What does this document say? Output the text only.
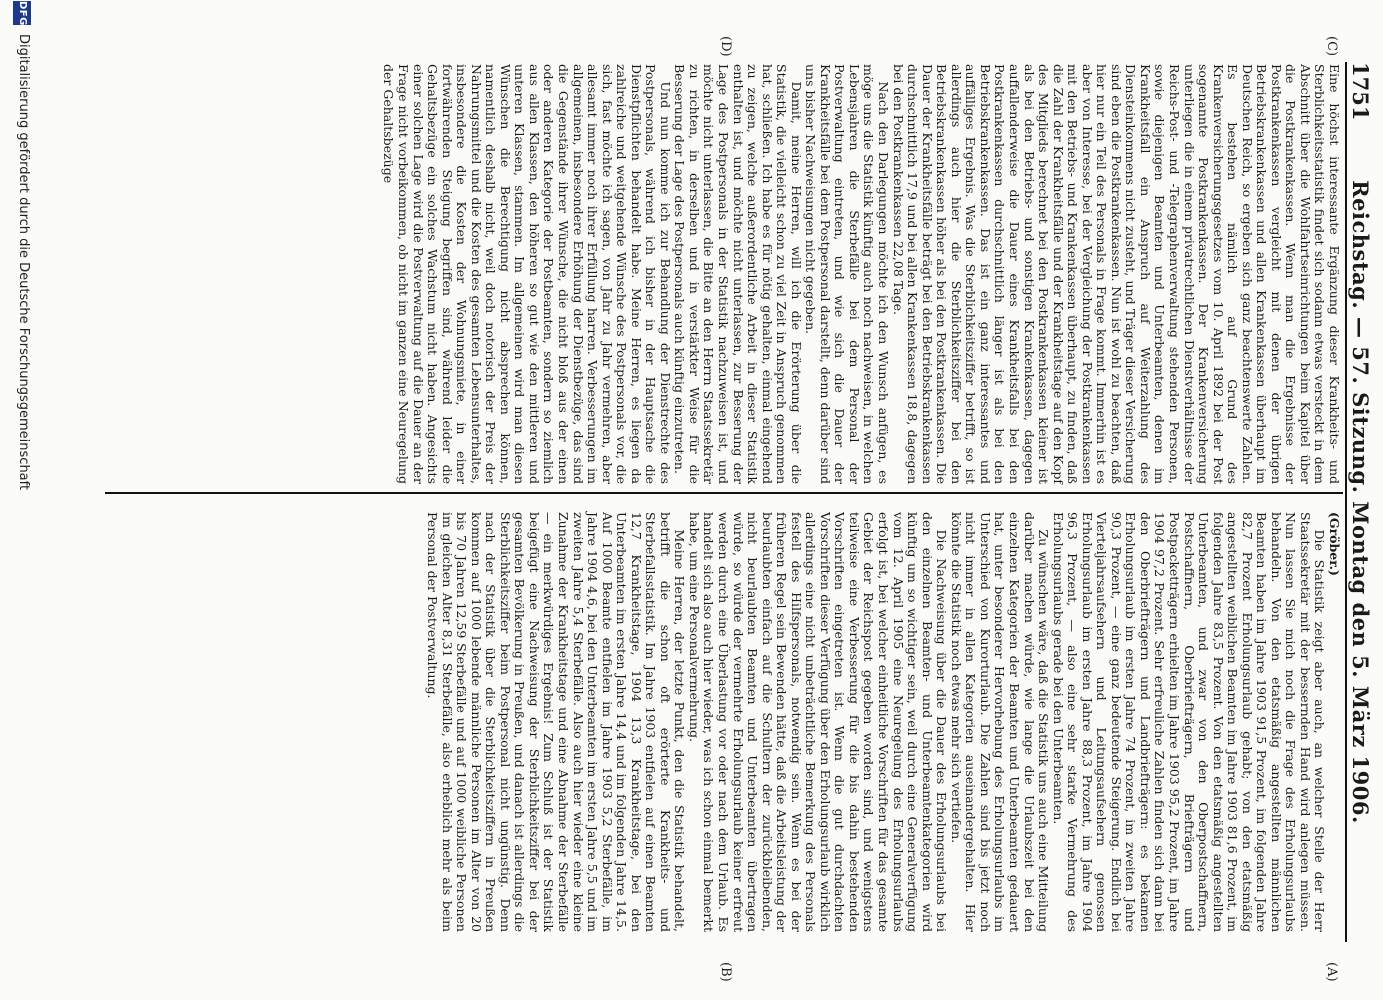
1751
Reichstag. — 57. Sitzung. Montag den 5. März 1906.
(C)
(D)
(A)
(B)

Eine höchst interessante Ergänzung dieser Krankheits- und Sterblichkeitsstatistik findet sich sodann etwas versteckt in dem Abschnitt über die Wohlfahrtseinrichtungen beim Kapitel über die Postkrankenkassen. Wenn man die Ergebnisse der Postkrankenkassen vergleicht mit denen der übrigen Betriebskrankenkassen und allen Krankenkassen überhaupt im Deutschen Reich, so ergeben sich ganz beachtenswerte Zahlen. Es bestehen nämlich auf Grund des Krankenversicherungsgesetzes vom 10. April 1892 bei der Post sogenannte Postkrankenkassen. Der Krankenversicherung unterliegen die in einem privatrechtlichen Dienstverhältnisse der Reichs-Post- und -Telegraphenverwaltung stehenden Personen, sowie diejenigen Beamten und Unterbeamten, denen im Krankheitsfall ein Anspruch auf Weiterzahlung des Diensteinkommens nicht zusteht, und Träger dieser Versicherung sind eben die Postkrankenkassen. Nun ist wohl zu beachten, daß hier nur ein Teil des Personals in Frage kommt. Immerhin ist es aber von Interesse, bei der Vergleichung der Postkrankenkassen mit den Betriebs- und Krankenkassen überhaupt, zu finden, daß die Zahl der Krankheitsfälle und der Krankheitstage auf den Kopf des Mitglieds berechnet bei den Postkrankenkassen kleiner ist als bei den Betriebs- und sonstigen Krankenkassen, dagegen auffallenderweise die Dauer eines Krankheitsfalls bei den Postkrankenkassen durchschnittlich länger ist als bei den Betriebskrankenkassen. Das ist ein ganz interessantes und auffälliges Ergebnis. Was die Sterblichkeitsziffer betrifft, so ist allerdings auch hier die Sterblichkeitsziffer bei den Betriebskrankenkassen höher als bei den Postkrankenkassen. Die Dauer der Krankheitsfälle beträgt bei den Betriebskrankenkassen durchschnittlich 17,9 und bei allen Krankenkassen 18,8, dagegen bei den Postkrankenkassen 22,08 Tage.

Nach den Darlegungen möchte ich den Wunsch anfügen, es möge uns die Statistik künftig auch noch nachweisen, in welchen Lebensjahren die Sterbefälle bei dem Personal der Postverwaltung eintreten, und wie sich die Dauer der Krankheitsfälle bei dem Postpersonal darstellt, denn darüber sind uns bisher Nachweisungen nicht gegeben.

Damit, meine Herren, will ich die Erörterung über die Statistik, die vielleicht schon zu viel Zeit in Anspruch genommen hat, schließen. Ich habe es für nötig gehalten, einmal eingehend zu zeigen, welche außerordentliche Arbeit in dieser Statistik enthalten ist, und möchte nicht unterlassen, zur Besserung der Lage des Postpersonals in der Statistik nachzuweisen ist, und möchte nicht unterlassen, die Bitte an den Herrn Staatssekretär zu richten, in derselben und in verstärkter Weise für die Besserung der Lage des Postpersonals auch künftig einzutreten.

Und nun komme ich zur Behandlung der Dienstrechte des Postpersonals, während ich bisher in der Hauptsache die Dienstpflichten behandelt habe. Meine Herren, es liegen da zahlreiche und weitgehende Wünsche des Postpersonals vor, die sich, fast möchte ich sagen, von Jahr zu Jahr vermehren, aber allesamt immer noch ihrer Erfüllung harren. Verbesserungen im allgemeinen, insbesondere Erhöhung der Dienstbezüge, das sind die Gegenstände ihrer Wünsche, die nicht bloß aus der einen oder anderen Kategorie der Postbeamten, sondern so ziemlich aus allen Klassen, den höheren so gut wie den mittleren und unteren Klassen, stammen. Im allgemeinen wird man diesen Wünschen die Berechtigung nicht absprechen können, namentlich deshalb nicht, weil doch notorisch der Preis der Nahrungsmittel und die Kosten des gesamten Lebensunterhaltes, insbesondere die Kosten der Wohnungsmiete, in einer fortwährenden Steigung begriffen sind, während leider die Gehaltsbezüge ein solches Wachstum nicht haben. Angesichts einer solchen Lage wird die Postverwaltung auf die Dauer an der Frage nicht vorbeikommen, ob nicht im ganzen eine Neuregelung der Gehaltsbezüge

(Gröber.)

Die Statistik zeigt aber auch, an welcher Stelle der Herr Staatssekretär mit der bessernden Hand wird anlegen müssen. Nun lassen Sie mich noch die Frage des Erholungsurlaubs behandeln. Von den etatsmäßig angestellten männlichen Beamten haben im Jahre 1903 91,5 Prozent, im folgenden Jahre 82,7 Prozent Erholungsurlaub gehabt; von den etatsmäßig angestellten weiblichen Beamten im Jahre 1903 81,6 Prozent, im folgenden Jahre 83,5 Prozent. Von den etatsmäßig angestellten Unterbeamten, und zwar von den Oberpostschaffnern, Postschaffnern, Oberbriefträgern, Briefträgern und Postpacketträgern erhielten im Jahre 1903 95,2 Prozent, im Jahre 1904 97,2 Prozent. Sehr erfreuliche Zahlen finden sich dann bei den Oberbriefträgern und Landbriefträgern: es bekamen Erholungsurlaub im ersten Jahre 74 Prozent, im zweiten Jahre 90,3 Prozent, — eine ganz bedeutende Steigerung. Endlich bei Vierteljahrsaufsehern und Leitungsaufsehern genossen Erholungsurlaub im ersten Jahre 88,3 Prozent, im Jahre 1904 96,3 Prozent, — also eine sehr starke Vermehrung des Erholungsurlaubs gerade bei den Unterbeamten.

Zu wünschen wäre, daß die Statistik uns auch eine Mitteilung darüber machen würde, wie lange die Urlaubszeit bei den einzelnen Kategorien der Beamten und Unterbeamten gedauert hat, unter besonderer Hervorhebung des Erholungsurlaubs im Unterschied von Kurorturlaub. Die Zahlen sind bis jetzt noch nicht immer in allen Kategorien auseinandergehalten. Hier könnte die Statistik noch etwas mehr sich vertiefen.

Die Nachweisung über die Dauer des Erholungsurlaubs bei den einzelnen Beamten- und Unterbeamtenkategorien wird künftig um so wichtiger sein, weil durch eine Generalverfügung vom 12. April 1905 eine Neuregelung des Erholungsurlaubs erfolgt ist, bei welcher einheitliche Vorschriften für das gesamte Gebiet der Reichspost gegeben worden sind, und wenigstens teilweise eine Verbesserung für die bis dahin bestehenden Vorschriften eingetreten ist. Wenn die gut durchdachten Vorschriften dieser Verfügung über den Erholungsurlaub wirklich allerdings eine nicht unbeträchtliche Bemerkung des Personals festell des Hilfspersonals, notwendig sein. Wenn es bei der früheren Regel sein Bewenden hätte, daß die Arbeitsleistung der beurlaubten einfach auf die Schultern der zurückbleibenden, nicht beurlaubten Beamten und Unterbeamten übertragen würde, so würde der vermehrte Erholungsurlaub keiner erfreut werden durch eine Überlastung vor oder nach dem Urlaub. Es handelt sich also auch hier wieder, was ich schon einmal bemerkt habe, um eine Personalvermehrung.

Meine Herren, der letzte Punkt, den die Statistik behandelt, betrifft die schon oft erörterte Krankheits- und Sterbefallsstatistik. Im Jahre 1903 entfielen auf einen Beamten 12,7 Krankheitstage, 1904 13,3 Krankheitstage, bei den Unterbeamten im ersten Jahre 14,4 und im folgenden Jahre 14,5. Auf 1000 Beamte entfielen im Jahre 1903 5,2 Sterbefälle, im Jahre 1904 4,6, bei den Unterbeamten im ersten Jahre 5,5 und im zweiten Jahre 5,4 Sterbefälle. Also auch hier wieder eine kleine Zunahme der Krankheitstage und eine Abnahme der Sterbefälle — ein merkwürdiges Ergebnis! Zum Schluß ist der Statistik beigefügt eine Nachweisung der Sterblichkeitsziffer bei der gesamten Bevölkerung in Preußen, und danach ist allerdings die Sterblichkeitsziffer beim Postpersonal nicht ungünstig. Denn nach der Statistik über die Sterblichkeitsziffern in Preußen kommen auf 1000 lebende männliche Personen im Alter von 20 bis 70 Jahren 12,59 Sterbefälle und auf 1000 weibliche Personen im gleichen Alter 8,31 Sterbefälle, also erheblich mehr als beim Personal der Postverwaltung.

DFG
Digitalisierung gefördert durch die Deutsche Forschungsgemeinschaft
